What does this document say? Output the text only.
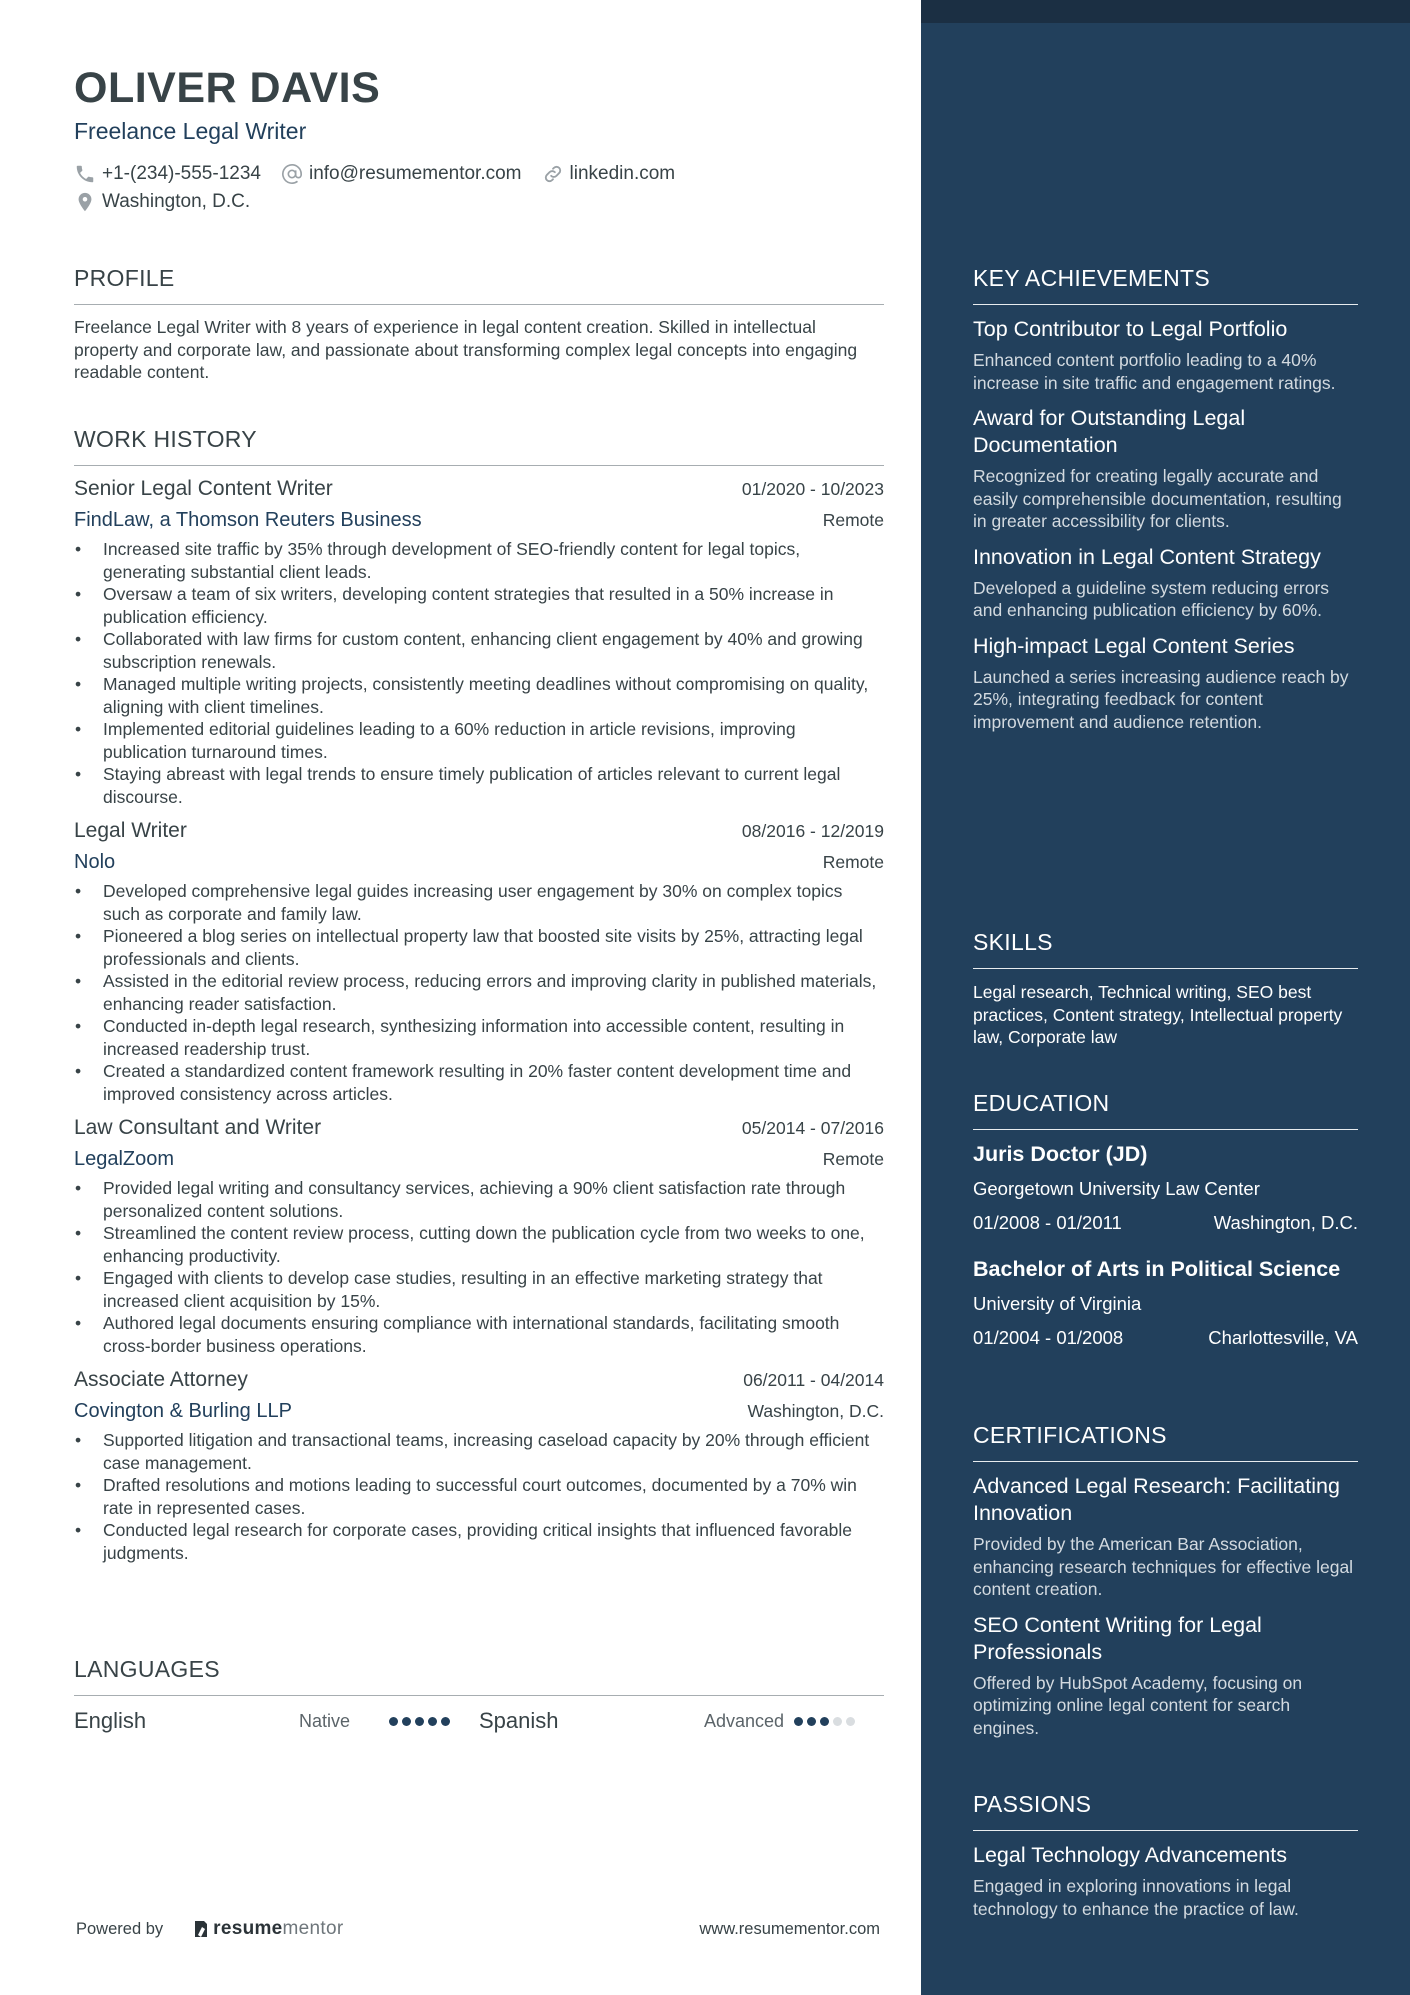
OLIVER DAVIS
Freelance Legal Writer
+1-(234)-555-1234	info@resumementor.com	linkedin.com
Washington, D.C.
PROFILE
Freelance Legal Writer with 8 years of experience in legal content creation. Skilled in intellectual property and corporate law, and passionate about transforming complex legal concepts into engaging readable content.
WORK HISTORY
Senior Legal Content Writer	01/2020 - 10/2023
FindLaw, a Thomson Reuters Business	Remote
• Increased site traffic by 35% through development of SEO-friendly content for legal topics, generating substantial client leads.
• Oversaw a team of six writers, developing content strategies that resulted in a 50% increase in publication efficiency.
• Collaborated with law firms for custom content, enhancing client engagement by 40% and growing subscription renewals.
• Managed multiple writing projects, consistently meeting deadlines without compromising on quality, aligning with client timelines.
• Implemented editorial guidelines leading to a 60% reduction in article revisions, improving publication turnaround times.
• Staying abreast with legal trends to ensure timely publication of articles relevant to current legal discourse.
Legal Writer	08/2016 - 12/2019
Nolo	Remote
• Developed comprehensive legal guides increasing user engagement by 30% on complex topics such as corporate and family law.
• Pioneered a blog series on intellectual property law that boosted site visits by 25%, attracting legal professionals and clients.
• Assisted in the editorial review process, reducing errors and improving clarity in published materials, enhancing reader satisfaction.
• Conducted in-depth legal research, synthesizing information into accessible content, resulting in increased readership trust.
• Created a standardized content framework resulting in 20% faster content development time and improved consistency across articles.
Law Consultant and Writer	05/2014 - 07/2016
LegalZoom	Remote
• Provided legal writing and consultancy services, achieving a 90% client satisfaction rate through personalized content solutions.
• Streamlined the content review process, cutting down the publication cycle from two weeks to one, enhancing productivity.
• Engaged with clients to develop case studies, resulting in an effective marketing strategy that increased client acquisition by 15%.
• Authored legal documents ensuring compliance with international standards, facilitating smooth cross-border business operations.
Associate Attorney	06/2011 - 04/2014
Covington & Burling LLP	Washington, D.C.
• Supported litigation and transactional teams, increasing caseload capacity by 20% through efficient case management.
• Drafted resolutions and motions leading to successful court outcomes, documented by a 70% win rate in represented cases.
• Conducted legal research for corporate cases, providing critical insights that influenced favorable judgments.
LANGUAGES
English	Native	Spanish	Advanced
Powered by	resume mentor	www.resumementor.com
KEY ACHIEVEMENTS
Top Contributor to Legal Portfolio
Enhanced content portfolio leading to a 40% increase in site traffic and engagement ratings.
Award for Outstanding Legal Documentation
Recognized for creating legally accurate and easily comprehensible documentation, resulting in greater accessibility for clients.
Innovation in Legal Content Strategy
Developed a guideline system reducing errors and enhancing publication efficiency by 60%.
High-impact Legal Content Series
Launched a series increasing audience reach by 25%, integrating feedback for content improvement and audience retention.
SKILLS
Legal research, Technical writing, SEO best practices, Content strategy, Intellectual property law, Corporate law
EDUCATION
Juris Doctor (JD)
Georgetown University Law Center
01/2008 - 01/2011	Washington, D.C.
Bachelor of Arts in Political Science
University of Virginia
01/2004 - 01/2008	Charlottesville, VA
CERTIFICATIONS
Advanced Legal Research: Facilitating Innovation
Provided by the American Bar Association, enhancing research techniques for effective legal content creation.
SEO Content Writing for Legal Professionals
Offered by HubSpot Academy, focusing on optimizing online legal content for search engines.
PASSIONS
Legal Technology Advancements
Engaged in exploring innovations in legal technology to enhance the practice of law.
